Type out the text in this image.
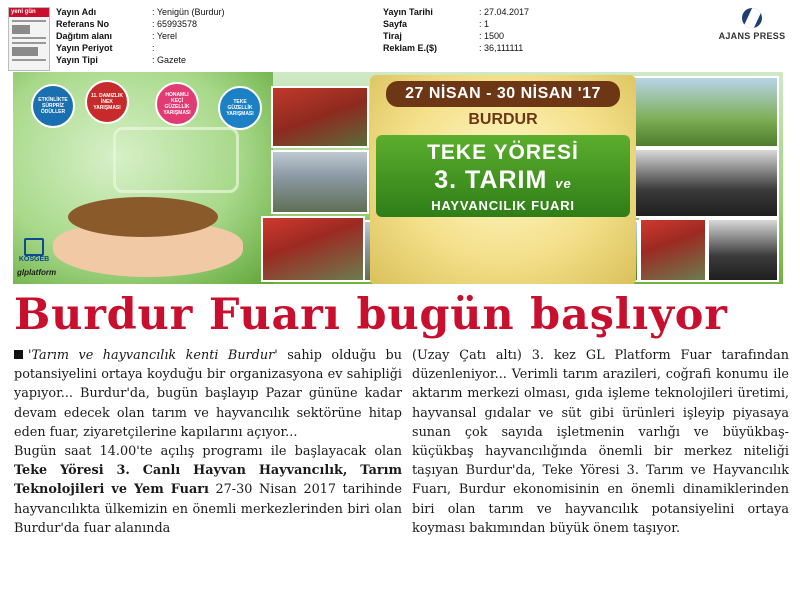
yeni gün	Yayın Adı	: Yenigün (Burdur)
Referans No	: 65993578
Dağıtım alanı	: Yerel
Yayın Periyot	:
Yayın Tipi	: Gazete
Yayın Tarihi	: 27.04.2017
Sayfa	: 1
Tiraj	: 1500
Reklam E.($)	: 36,111111
AJANS PRESS
ETKİNLİKTE SÜRPRİZ ÖDÜLLER
11. DAMIZLIK İNEK YARIŞMASI
HONAMLI KEÇİ GÜZELLİK YARIŞMASI
TEKE GÜZELLİK YARIŞMASI
KOSGEB
glplatform
27 NİSAN - 30 NİSAN '17
BURDUR
TEKE YÖRESİ
3. TARIM ve
HAYVANCILIK FUARI
Burdur Fuarı bugün başlıyor

'Tarım ve hayvancılık kenti Burdur' sahip olduğu bu potansiyelini ortaya koyduğu bir organizasyona ev sahipliği yapıyor... Burdur'da, bugün başlayıp Pazar gününe kadar devam edecek olan tarım ve hayvancılık sektörüne hitap eden fuar, ziyaretçilerine kapılarını açıyor...

Bugün saat 14.00'te açılış programı ile başlayacak olan Teke Yöresi 3. Canlı Hayvan Hayvancılık, Tarım Teknolojileri ve Yem Fuarı 27-30 Nisan 2017 tarihinde hayvancılıkta ülkemizin en önemli merkezlerinden biri olan Burdur'da fuar alanında

(Uzay Çatı altı) 3. kez GL Platform Fuar tarafından düzenleniyor... Verimli tarım arazileri, coğrafi konumu ile aktarım merkezi olması, gıda işleme teknolojileri üretimi, hayvansal gıdalar ve süt gibi ürünleri işleyip piyasaya sunan çok sayıda işletmenin varlığı ve büyükbaş- küçükbaş hayvancılığında önemli bir merkez niteliği taşıyan Burdur'da, Teke Yöresi 3. Tarım ve Hayvancılık Fuarı, Burdur ekonomisinin en önemli dinamiklerinden biri olan tarım ve hayvancılık potansiyelini ortaya koyması bakımından büyük önem taşıyor.
